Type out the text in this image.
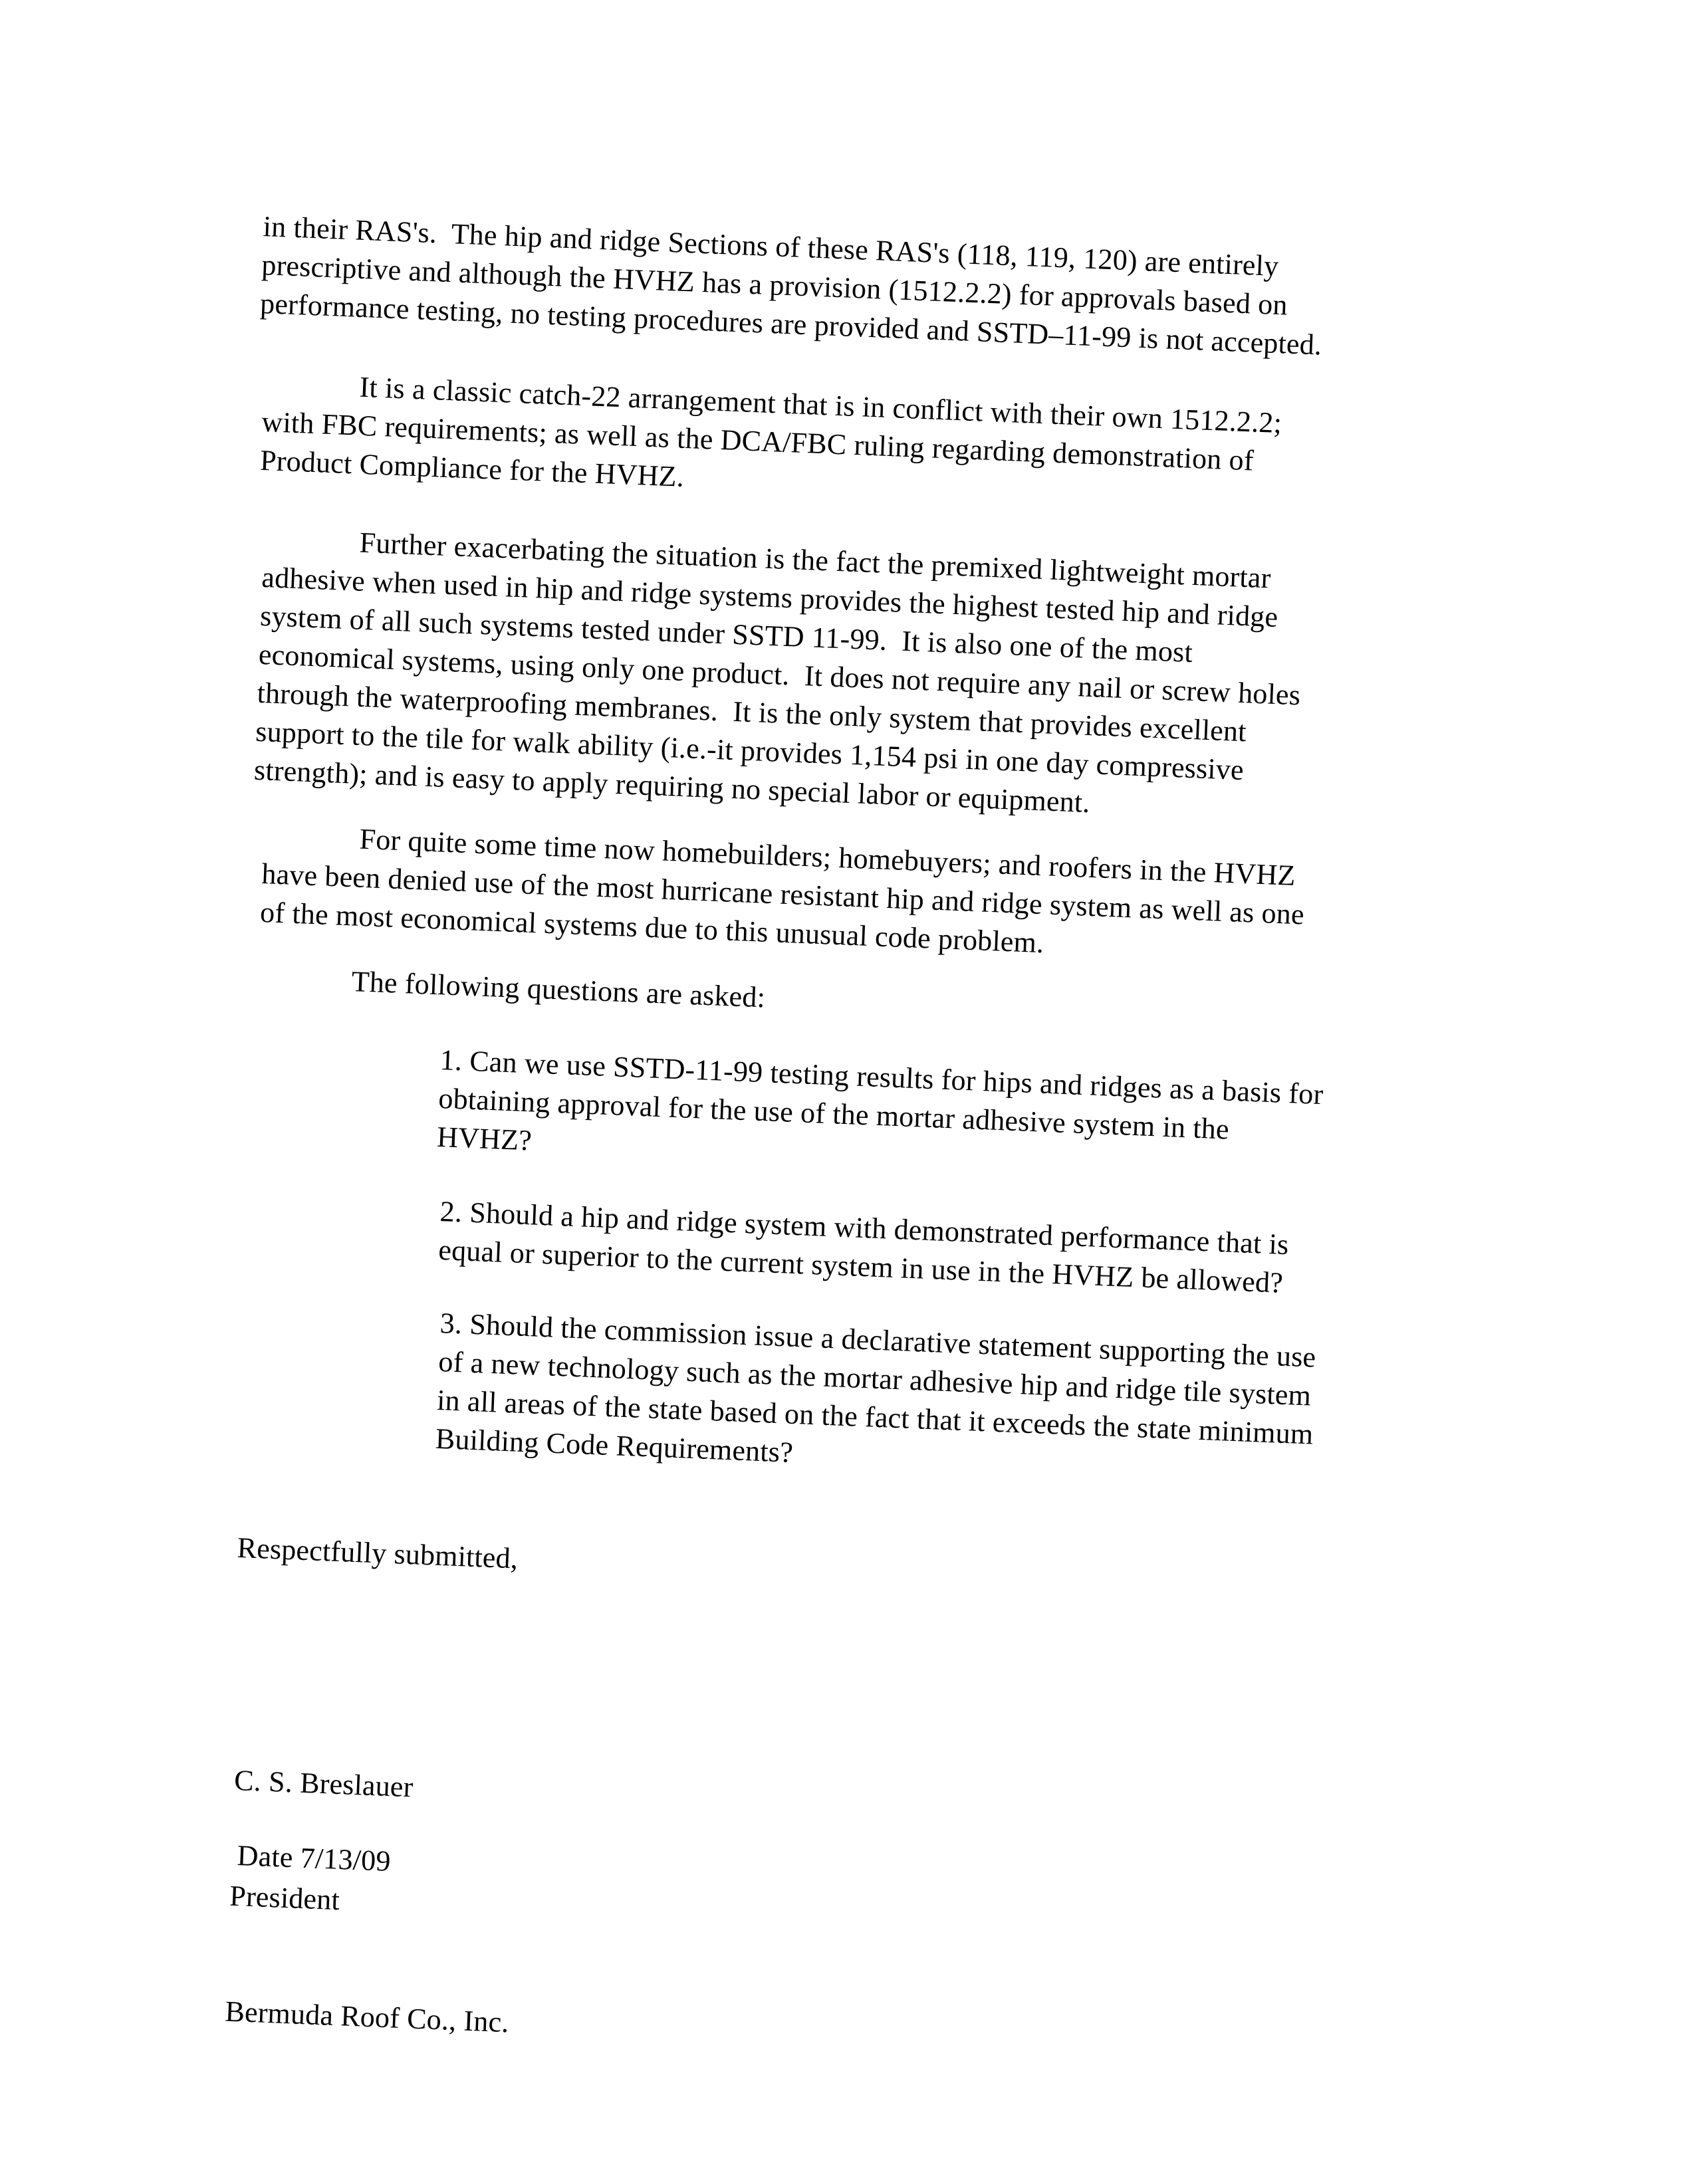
in their RAS's.  The hip and ridge Sections of these RAS's (118, 119, 120) are entirely
prescriptive and although the HVHZ has a provision (1512.2.2) for approvals based on
performance testing, no testing procedures are provided and SSTD–11-99 is not accepted.
It is a classic catch-22 arrangement that is in conflict with their own 1512.2.2;
with FBC requirements; as well as the DCA/FBC ruling regarding demonstration of
Product Compliance for the HVHZ.
Further exacerbating the situation is the fact the premixed lightweight mortar
adhesive when used in hip and ridge systems provides the highest tested hip and ridge
system of all such systems tested under SSTD 11-99.  It is also one of the most
economical systems, using only one product.  It does not require any nail or screw holes
through the waterproofing membranes.  It is the only system that provides excellent
support to the tile for walk ability (i.e.-it provides 1,154 psi in one day compressive
strength); and is easy to apply requiring no special labor or equipment.
For quite some time now homebuilders; homebuyers; and roofers in the HVHZ
have been denied use of the most hurricane resistant hip and ridge system as well as one
of the most economical systems due to this unusual code problem.
The following questions are asked:
1. Can we use SSTD-11-99 testing results for hips and ridges as a basis for
obtaining approval for the use of the mortar adhesive system in the
HVHZ?
2. Should a hip and ridge system with demonstrated performance that is
equal or superior to the current system in use in the HVHZ be allowed?
3. Should the commission issue a declarative statement supporting the use
of a new technology such as the mortar adhesive hip and ridge tile system
in all areas of the state based on the fact that it exceeds the state minimum
Building Code Requirements?
Respectfully submitted,

C. S. Breslauer

President

Bermuda Roof Co., Inc.

Date 7/13/09
